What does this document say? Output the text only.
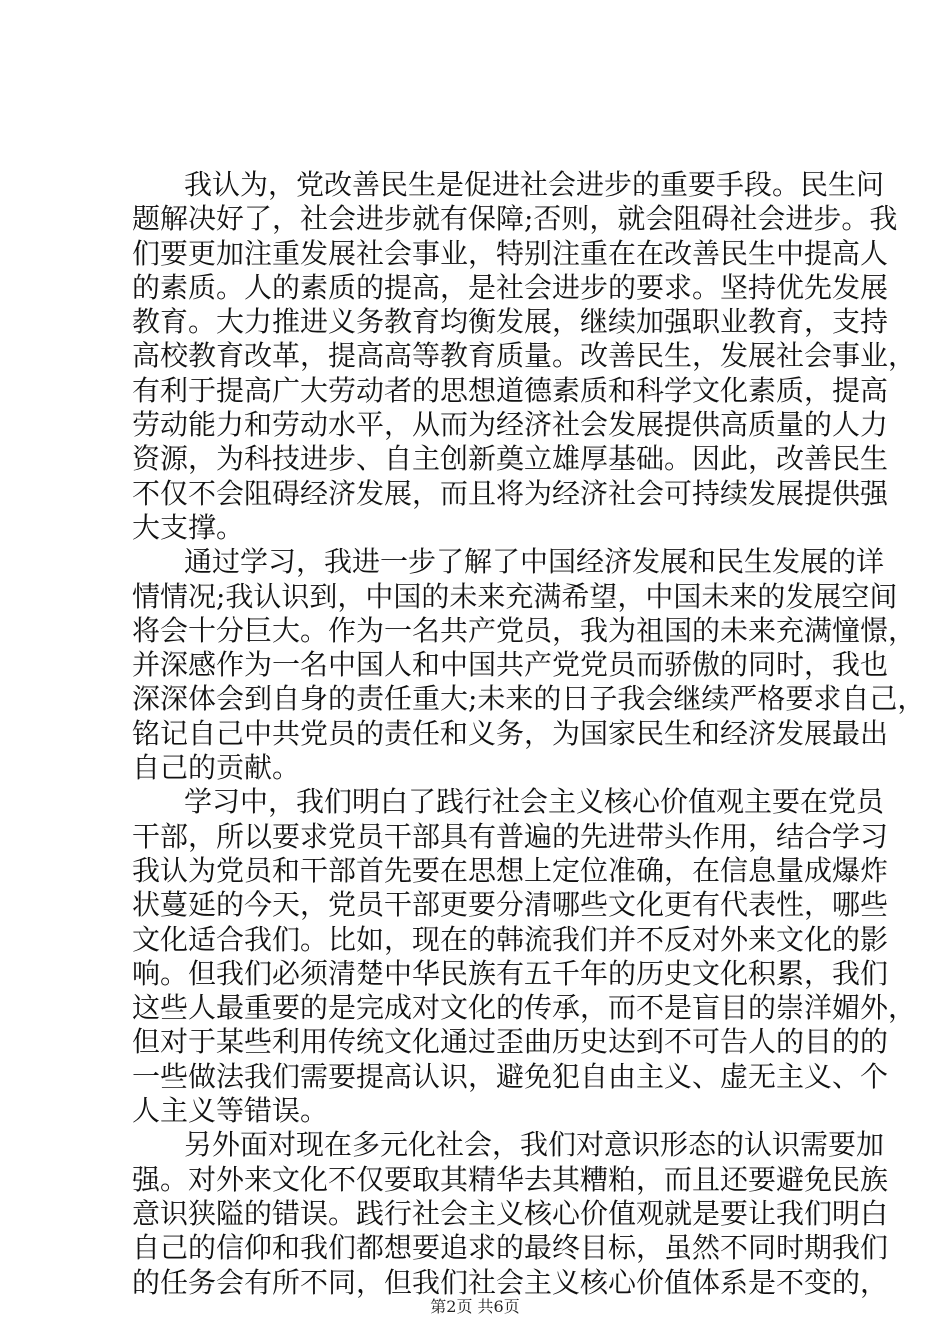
我认为，党改善民生是促进社会进步的重要手段。民生问
题解决好了，社会进步就有保障;否则，就会阻碍社会进步。我
们要更加注重发展社会事业，特别注重在在改善民生中提高人
的素质。人的素质的提高，是社会进步的要求。坚持优先发展
教育。大力推进义务教育均衡发展，继续加强职业教育，支持
高校教育改革，提高高等教育质量。改善民生，发展社会事业，
有利于提高广大劳动者的思想道德素质和科学文化素质，提高
劳动能力和劳动水平，从而为经济社会发展提供高质量的人力
资源，为科技进步、自主创新奠立雄厚基础。因此，改善民生
不仅不会阻碍经济发展，而且将为经济社会可持续发展提供强
大支撑。
通过学习，我进一步了解了中国经济发展和民生发展的详
情情况;我认识到，中国的未来充满希望，中国未来的发展空间
将会十分巨大。作为一名共产党员，我为祖国的未来充满憧憬，
并深感作为一名中国人和中国共产党党员而骄傲的同时，我也
深深体会到自身的责任重大;未来的日子我会继续严格要求自己，
铭记自己中共党员的责任和义务，为国家民生和经济发展最出
自己的贡献。
学习中，我们明白了践行社会主义核心价值观主要在党员
干部，所以要求党员干部具有普遍的先进带头作用，结合学习
我认为党员和干部首先要在思想上定位准确，在信息量成爆炸
状蔓延的今天，党员干部更要分清哪些文化更有代表性，哪些
文化适合我们。比如，现在的韩流我们并不反对外来文化的影
响。但我们必须清楚中华民族有五千年的历史文化积累，我们
这些人最重要的是完成对文化的传承，而不是盲目的崇洋媚外，
但对于某些利用传统文化通过歪曲历史达到不可告人的目的的
一些做法我们需要提高认识，避免犯自由主义、虚无主义、个
人主义等错误。
另外面对现在多元化社会，我们对意识形态的认识需要加
强。对外来文化不仅要取其精华去其糟粕，而且还要避免民族
意识狭隘的错误。践行社会主义核心价值观就是要让我们明白
自己的信仰和我们都想要追求的最终目标，虽然不同时期我们
的任务会有所不同，但我们社会主义核心价值体系是不变的，
第2页 共6页
